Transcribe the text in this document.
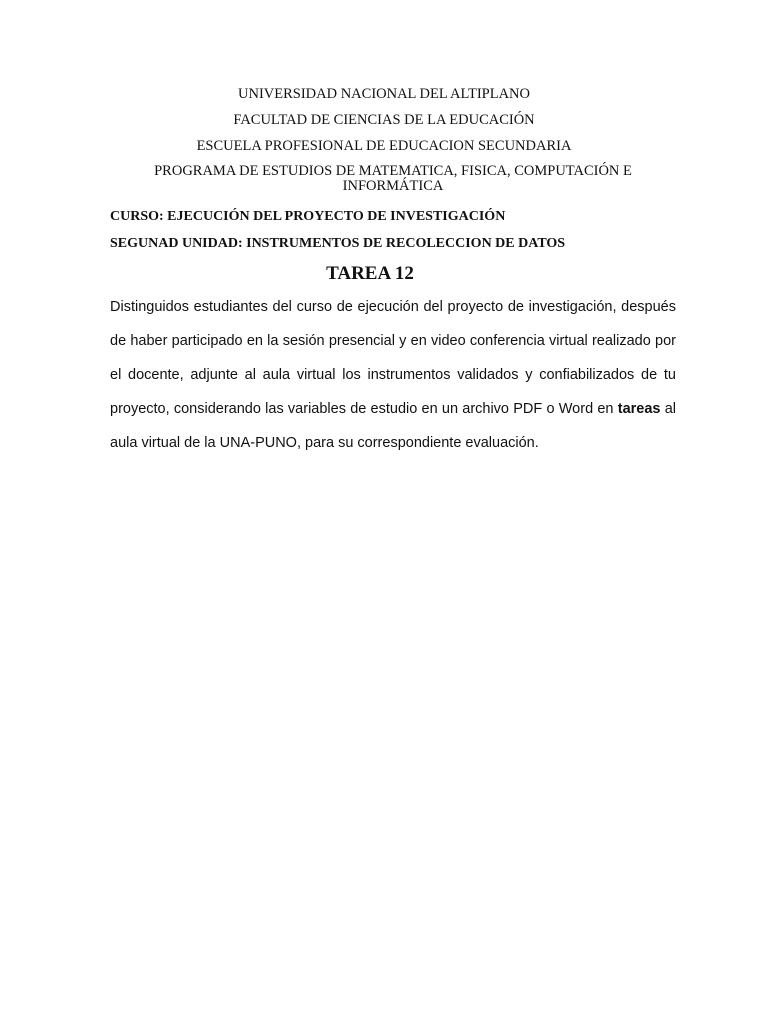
UNIVERSIDAD NACIONAL DEL ALTIPLANO
FACULTAD DE CIENCIAS DE LA EDUCACIÓN
ESCUELA PROFESIONAL DE EDUCACION SECUNDARIA
PROGRAMA DE ESTUDIOS DE MATEMATICA, FISICA, COMPUTACIÓN E INFORMÁTICA
CURSO: EJECUCIÓN DEL PROYECTO DE INVESTIGACIÓN
SEGUNAD UNIDAD: INSTRUMENTOS DE RECOLECCION DE DATOS
TAREA 12
Distinguidos estudiantes del curso de ejecución del proyecto de investigación, después de haber participado en la sesión presencial y en video conferencia virtual realizado por el docente, adjunte al aula virtual los instrumentos validados y confiabilizados de tu proyecto, considerando las variables de estudio en un archivo PDF o Word en tareas al aula virtual de la UNA-PUNO, para su correspondiente evaluación.
